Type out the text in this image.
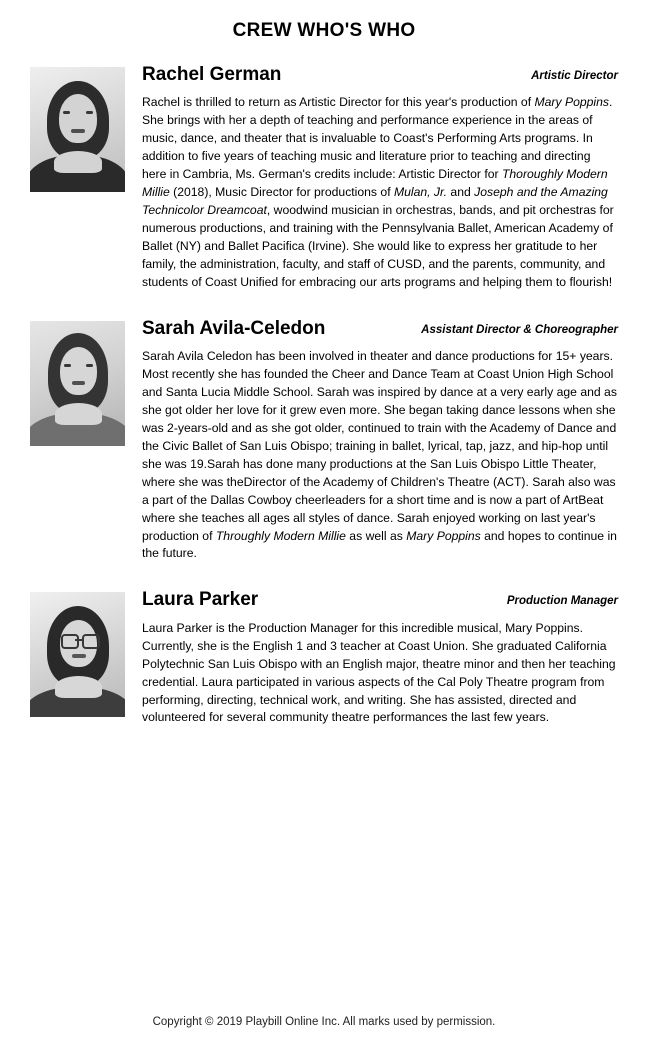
CREW WHO'S WHO
Rachel German	Artistic Director
Rachel is thrilled to return as Artistic Director for this year's production of Mary Poppins. She brings with her a depth of teaching and performance experience in the areas of music, dance, and theater that is invaluable to Coast's Performing Arts programs. In addition to five years of teaching music and literature prior to teaching and directing here in Cambria, Ms. German's credits include: Artistic Director for Thoroughly Modern Millie (2018), Music Director for productions of Mulan, Jr. and Joseph and the Amazing Technicolor Dreamcoat, woodwind musician in orchestras, bands, and pit orchestras for numerous productions, and training with the Pennsylvania Ballet, American Academy of Ballet (NY) and Ballet Pacifica (Irvine). She would like to express her gratitude to her family, the administration, faculty, and staff of CUSD, and the parents, community, and students of Coast Unified for embracing our arts programs and helping them to flourish!
Sarah Avila-Celedon	Assistant Director & Choreographer
Sarah Avila Celedon has been involved in theater and dance productions for 15+ years. Most recently she has founded the Cheer and Dance Team at Coast Union High School and Santa Lucia Middle School. Sarah was inspired by dance at a very early age and as she got older her love for it grew even more. She began taking dance lessons when she was 2-years-old and as she got older, continued to train with the Academy of Dance and the Civic Ballet of San Luis Obispo; training in ballet, lyrical, tap, jazz, and hip-hop until she was 19.Sarah has done many productions at the San Luis Obispo Little Theater, where she was theDirector of the Academy of Children's Theatre (ACT). Sarah also was a part of the Dallas Cowboy cheerleaders for a short time and is now a part of ArtBeat where she teaches all ages all styles of dance. Sarah enjoyed working on last year's production of Throughly Modern Millie as well as Mary Poppins and hopes to continue in the future.
Laura Parker	Production Manager
Laura Parker is the Production Manager for this incredible musical, Mary Poppins. Currently, she is the English 1 and 3 teacher at Coast Union. She graduated California Polytechnic San Luis Obispo with an English major, theatre minor and then her teaching credential. Laura participated in various aspects of the Cal Poly Theatre program from performing, directing, technical work, and writing. She has assisted, directed and volunteered for several community theatre performances the last few years.
Copyright © 2019 Playbill Online Inc. All marks used by permission.
